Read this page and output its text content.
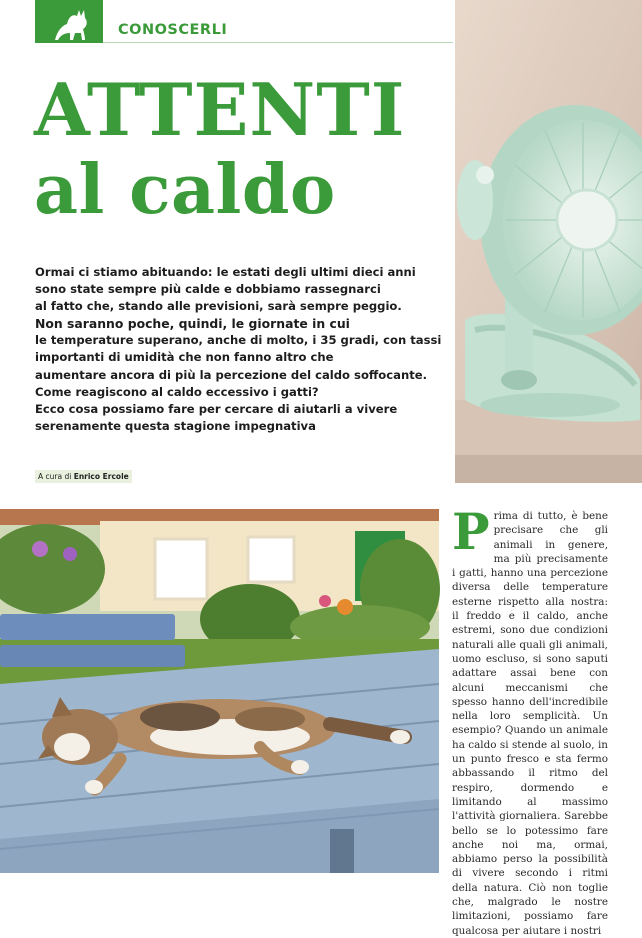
CONOSCERLI
ATTENTI
al caldo
Ormai ci stiamo abituando: le estati degli ultimi dieci anni
sono state sempre più calde e dobbiamo rassegnarci
al fatto che, stando alle previsioni, sarà sempre peggio.
Non saranno poche, quindi, le giornate in cui
le temperature superano, anche di molto, i 35 gradi, con tassi
importanti di umidità che non fanno altro che
aumentare ancora di più la percezione del caldo soffocante.
Come reagiscono al caldo eccessivo i gatti?
Ecco cosa possiamo fare per cercare di aiutarli a vivere
serenamente questa stagione impegnativa
A cura di Enrico Ercole
P rima di tutto, è bene precisare che gli animali in genere, ma più precisamente i gatti, hanno una percezione diversa delle temperature esterne rispetto alla nostra: il freddo e il caldo, anche estremi, sono due condizioni naturali alle quali gli animali, uomo escluso, si sono saputi adattare assai bene con alcuni meccanismi che spesso hanno dell'incredibile nella loro semplicità. Un esempio? Quando un animale ha caldo si stende al suolo, in un punto fresco e sta fermo abbassando il ritmo del respiro, dormendo e limitando al massimo l'attività giornaliera. Sarebbe bello se lo potessimo fare anche noi ma, ormai, abbiamo perso la possibilità di vivere secondo i ritmi della natura. Ciò non toglie che, malgrado le nostre limitazioni, possiamo fare qualcosa per aiutare i nostri
